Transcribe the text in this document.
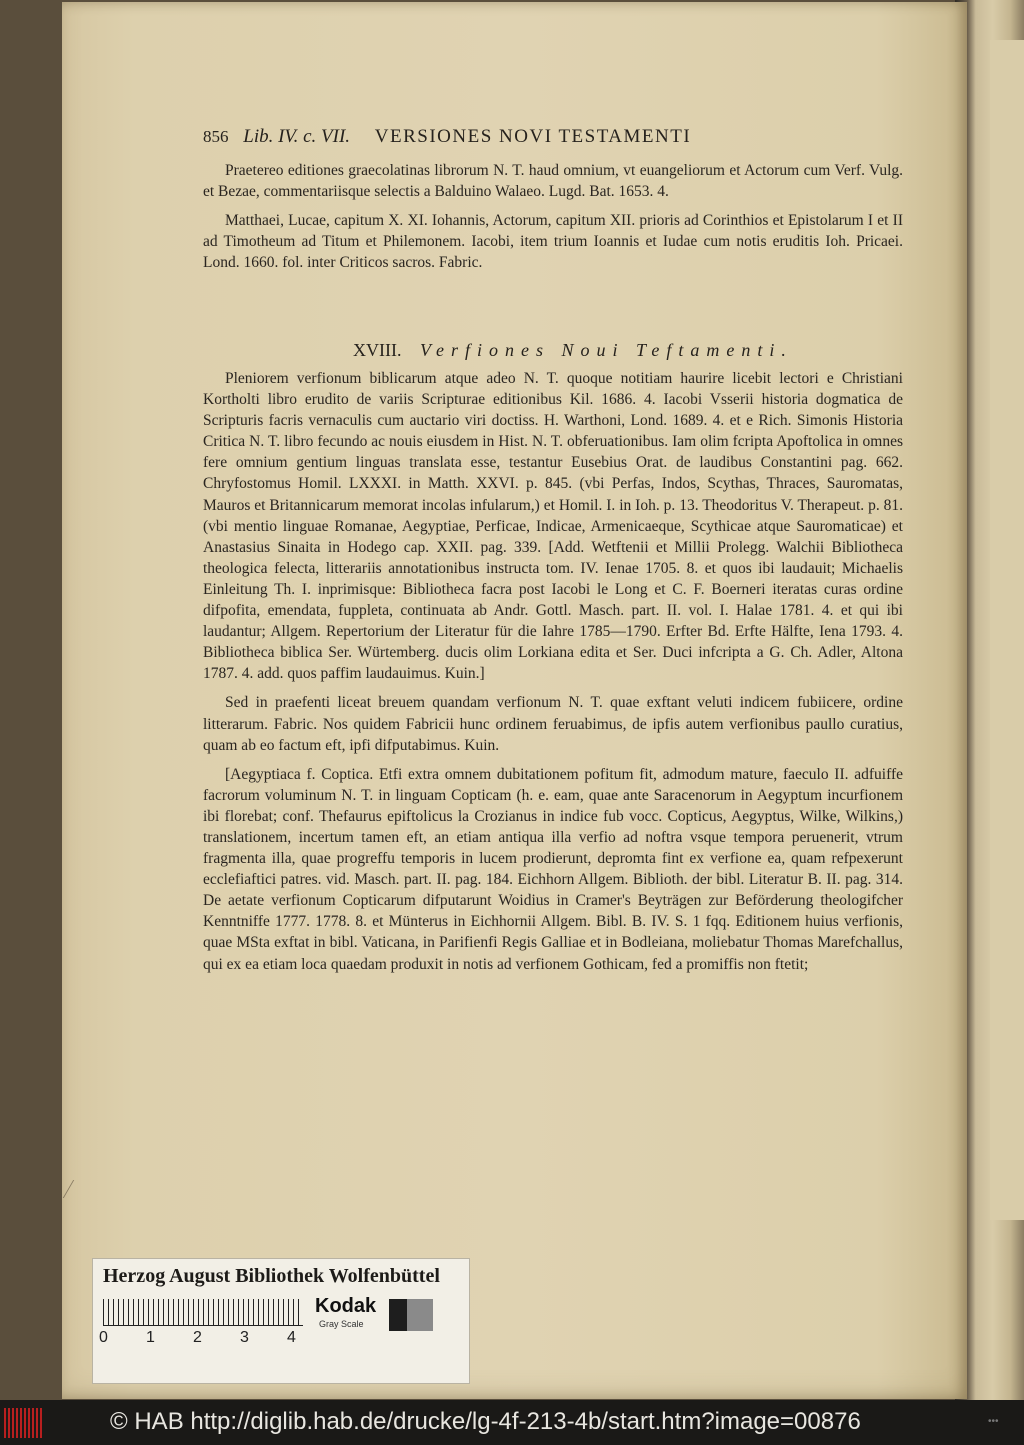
856 Lib. IV. c. VII. VERSIONES NOVI TESTAMENTI

Praetereo editiones graecolatinas librorum N. T. haud omnium, vt euangeliorum et Actorum cum Verf. Vulg. et Bezae, commentariisque selectis a Balduino Walaeo. Lugd. Bat. 1653. 4.

Matthaei, Lucae, capitum X. XI. Iohannis, Actorum, capitum XII. prioris ad Corinthios et Epistolarum I et II ad Timotheum ad Titum et Philemonem. Iacobi, item trium Ioannis et Iudae cum notis eruditis Ioh. Pricaei. Lond. 1660. fol. inter Criticos sacros. Fabric.

XVIII. Verfiones Noui Teftamenti.

Pleniorem verfionum biblicarum atque adeo N. T. quoque notitiam haurire licebit lectori e Christiani Kortholti libro erudito de variis Scripturae editionibus Kil. 1686. 4. Iacobi Vsserii historia dogmatica de Scripturis facris vernaculis cum auctario viri doctiss. H. Warthoni, Lond. 1689. 4. et e Rich. Simonis Historia Critica N. T. libro fecundo ac nouis eiusdem in Hist. N. T. obferuationibus. Iam olim fcripta Apoftolica in omnes fere omnium gentium linguas translata esse, testantur Eusebius Orat. de laudibus Constantini pag. 662. Chryfostomus Homil. LXXXI. in Matth. XXVI. p. 845. (vbi Perfas, Indos, Scythas, Thraces, Sauromatas, Mauros et Britannicarum memorat incolas infularum,) et Homil. I. in Ioh. p. 13. Theodoritus V. Therapeut. p. 81. (vbi mentio linguae Romanae, Aegyptiae, Perficae, Indicae, Armenicaeque, Scythicae atque Sauromaticae) et Anastasius Sinaita in Hodego cap. XXII. pag. 339. [Add. Wetftenii et Millii Prolegg. Walchii Bibliotheca theologica felecta, litterariis annotationibus instructa tom. IV. Ienae 1705. 8. et quos ibi laudauit; Michaelis Einleitung Th. I. inprimisque: Bibliotheca facra post Iacobi le Long et C. F. Boerneri iteratas curas ordine difpofita, emendata, fuppleta, continuata ab Andr. Gottl. Masch. part. II. vol. I. Halae 1781. 4. et qui ibi laudantur; Allgem. Repertorium der Literatur für die Iahre 1785—1790. Erfter Bd. Erfte Hälfte, Iena 1793. 4. Bibliotheca biblica Ser. Würtemberg. ducis olim Lorkiana edita et Ser. Duci infcripta a G. Ch. Adler, Altona 1787. 4. add. quos paffim laudauimus. Kuin.]

Sed in praefenti liceat breuem quandam verfionum N. T. quae exftant veluti indicem fubiicere, ordine litterarum. Fabric. Nos quidem Fabricii hunc ordinem feruabimus, de ipfis autem verfionibus paullo curatius, quam ab eo factum eft, ipfi difputabimus. Kuin.

[Aegyptiaca f. Coptica. Etfi extra omnem dubitationem pofitum fit, admodum mature, faeculo II. adfuiffe facrorum voluminum N. T. in linguam Copticam (h. e. eam, quae ante Saracenorum in Aegyptum incurfionem ibi florebat; conf. Thefaurus epiftolicus la Crozianus in indice fub vocc. Copticus, Aegyptus, Wilke, Wilkins,) translationem, incertum tamen eft, an etiam antiqua illa verfio ad noftra vsque tempora peruenerit, vtrum fragmenta illa, quae progreffu temporis in lucem prodierunt, depromta fint ex verfione ea, quam refpexerunt ecclefiaftici patres. vid. Masch. part. II. pag. 184. Eichhorn Allgem. Biblioth. der bibl. Literatur B. II. pag. 314. De aetate verfionum Copticarum difputarunt Woidius in Cramer's Beyträgen zur Beförderung theologifcher Kenntniffe 1777. 1778. 8. et Münterus in Eichhornii Allgem. Bibl. B. IV. S. 1 fqq. Editionem huius verfionis, quae MSta exftat in bibl. Vaticana, in Parifienfi Regis Galliae et in Bodleiana, moliebatur Thomas Marefchallus, qui ex ea etiam loca quaedam produxit in notis ad verfionem Gothicam, fed a promiffis non ftetit;

Herzog August Bibliothek Wolfenbüttel
0 1 2 3 4
Kodak
Gray Scale
© HAB http://diglib.hab.de/drucke/lg-4f-213-4b/start.htm?image=00876	•••
